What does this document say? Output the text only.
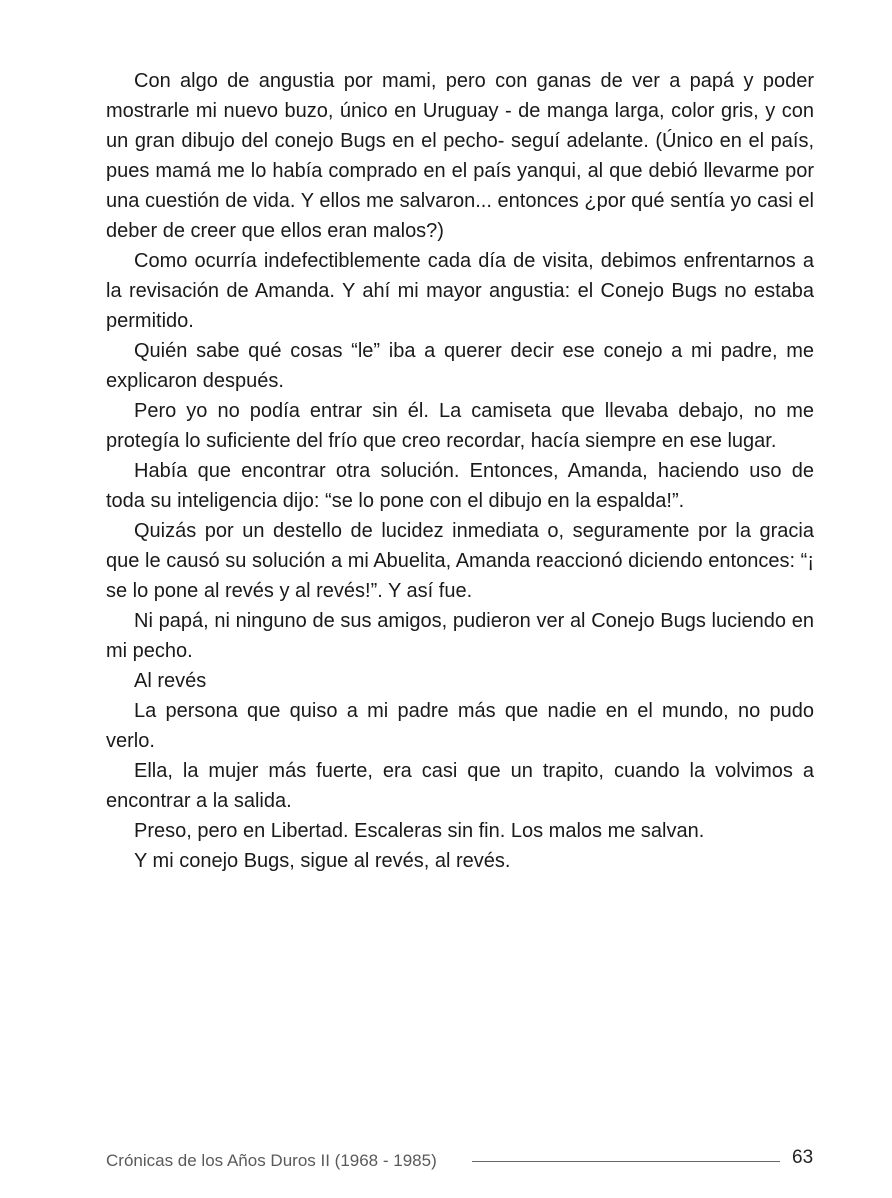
Con algo de angustia por mami, pero con ganas de ver a papá y poder mostrarle mi nuevo buzo, único en Uruguay - de manga larga, color gris, y con un gran dibujo del conejo Bugs en el pecho- seguí adelante. (Único en el país, pues mamá me lo había comprado en el país yanqui, al que debió llevarme por una cuestión de vida. Y ellos me salvaron... entonces ¿por qué sentía yo casi el deber de creer que ellos eran malos?)

Como ocurría indefectiblemente cada día de visita, debimos enfrentarnos a la revisación de Amanda. Y ahí mi mayor angustia: el Conejo Bugs no estaba permitido.

Quién sabe qué cosas “le” iba a querer decir ese conejo a mi padre, me explicaron después.

Pero yo no podía entrar sin él. La camiseta que llevaba debajo, no me protegía lo suficiente del frío que creo recordar, hacía siempre en ese lugar.

Había que encontrar otra solución. Entonces, Amanda, haciendo uso de toda su inteligencia dijo: “se lo pone con el dibujo en la espalda!”.

Quizás por un destello de lucidez inmediata o, seguramente por la gracia que le causó su solución a mi Abuelita, Amanda reaccionó diciendo entonces: “¡ se lo pone al revés y al revés!”. Y así fue.

Ni papá, ni ninguno de sus amigos, pudieron ver al Conejo Bugs luciendo en mi pecho.

Al revés

La persona que quiso a mi padre más que nadie en el mundo, no pudo verlo.

Ella, la mujer más fuerte, era casi que un trapito, cuando la volvimos a encontrar a la salida.

Preso, pero en Libertad. Escaleras sin fin. Los malos me salvan.

Y mi conejo Bugs, sigue al revés, al revés.

Crónicas de los Años Duros II (1968 - 1985)	63
